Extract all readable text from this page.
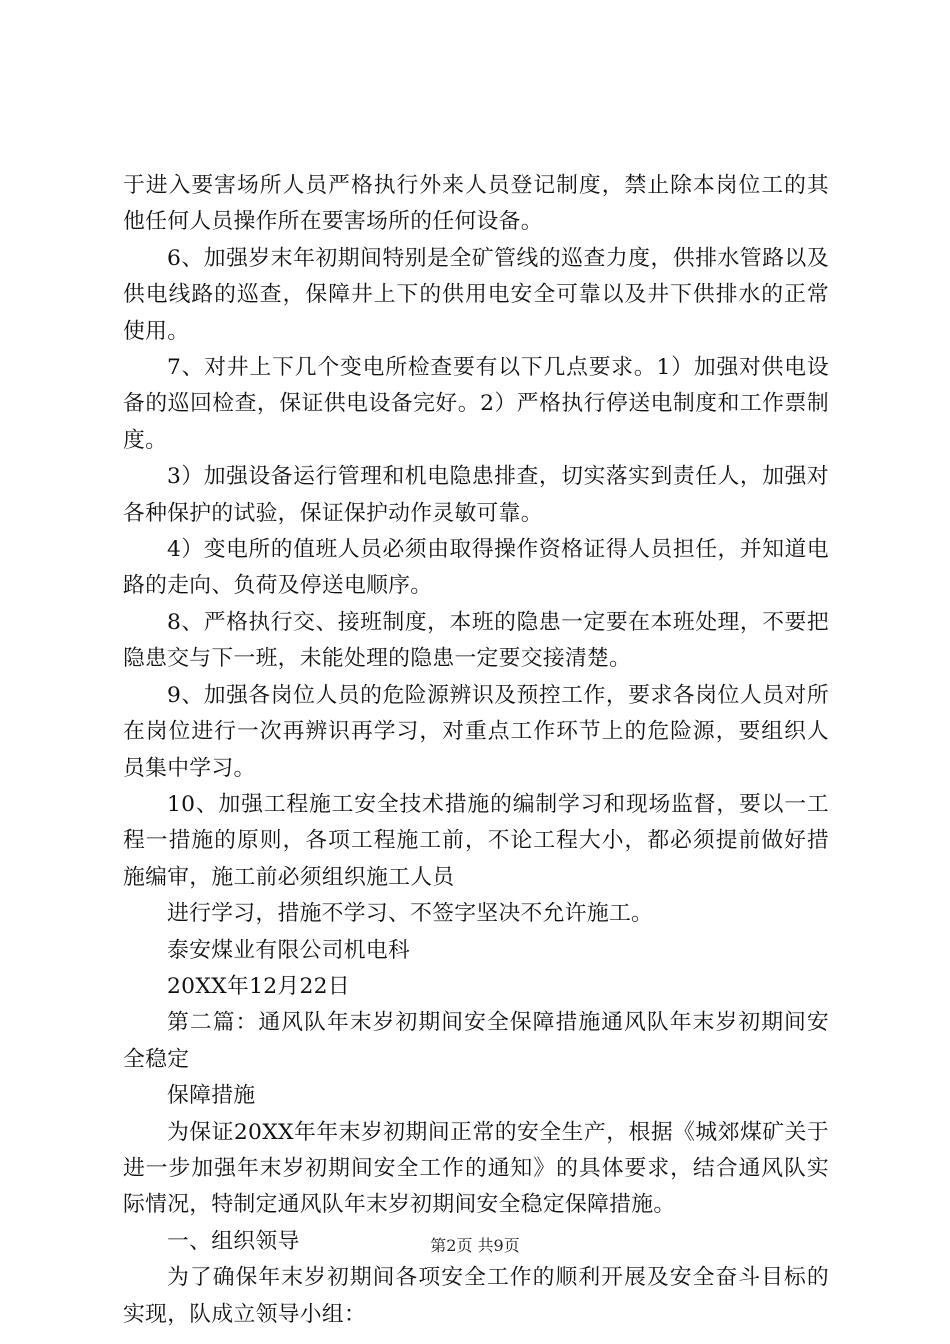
于进入要害场所人员严格执行外来人员登记制度，禁止除本岗位工的其他任何人员操作所在要害场所的任何设备。

6、加强岁末年初期间特别是全矿管线的巡查力度，供排水管路以及供电线路的巡查，保障井上下的供用电安全可靠以及井下供排水的正常使用。

7、对井上下几个变电所检查要有以下几点要求。1）加强对供电设备的巡回检查，保证供电设备完好。2）严格执行停送电制度和工作票制度。

3）加强设备运行管理和机电隐患排查，切实落实到责任人，加强对各种保护的试验，保证保护动作灵敏可靠。

4）变电所的值班人员必须由取得操作资格证得人员担任，并知道电路的走向、负荷及停送电顺序。

8、严格执行交、接班制度，本班的隐患一定要在本班处理，不要把隐患交与下一班，未能处理的隐患一定要交接清楚。

9、加强各岗位人员的危险源辨识及预控工作，要求各岗位人员对所在岗位进行一次再辨识再学习，对重点工作环节上的危险源，要组织人员集中学习。

10、加强工程施工安全技术措施的编制学习和现场监督，要以一工程一措施的原则，各项工程施工前，不论工程大小，都必须提前做好措施编审，施工前必须组织施工人员

进行学习，措施不学习、不签字坚决不允许施工。

泰安煤业有限公司机电科

20XX年12月22日

第二篇：通风队年末岁初期间安全保障措施通风队年末岁初期间安全稳定

保障措施

为保证20XX年年末岁初期间正常的安全生产，根据《城郊煤矿关于进一步加强年末岁初期间安全工作的通知》的具体要求，结合通风队实际情况，特制定通风队年末岁初期间安全稳定保障措施。

一、组织领导

为了确保年末岁初期间各项安全工作的顺利开展及安全奋斗目标的实现，队成立领导小组：

第2页 共9页
